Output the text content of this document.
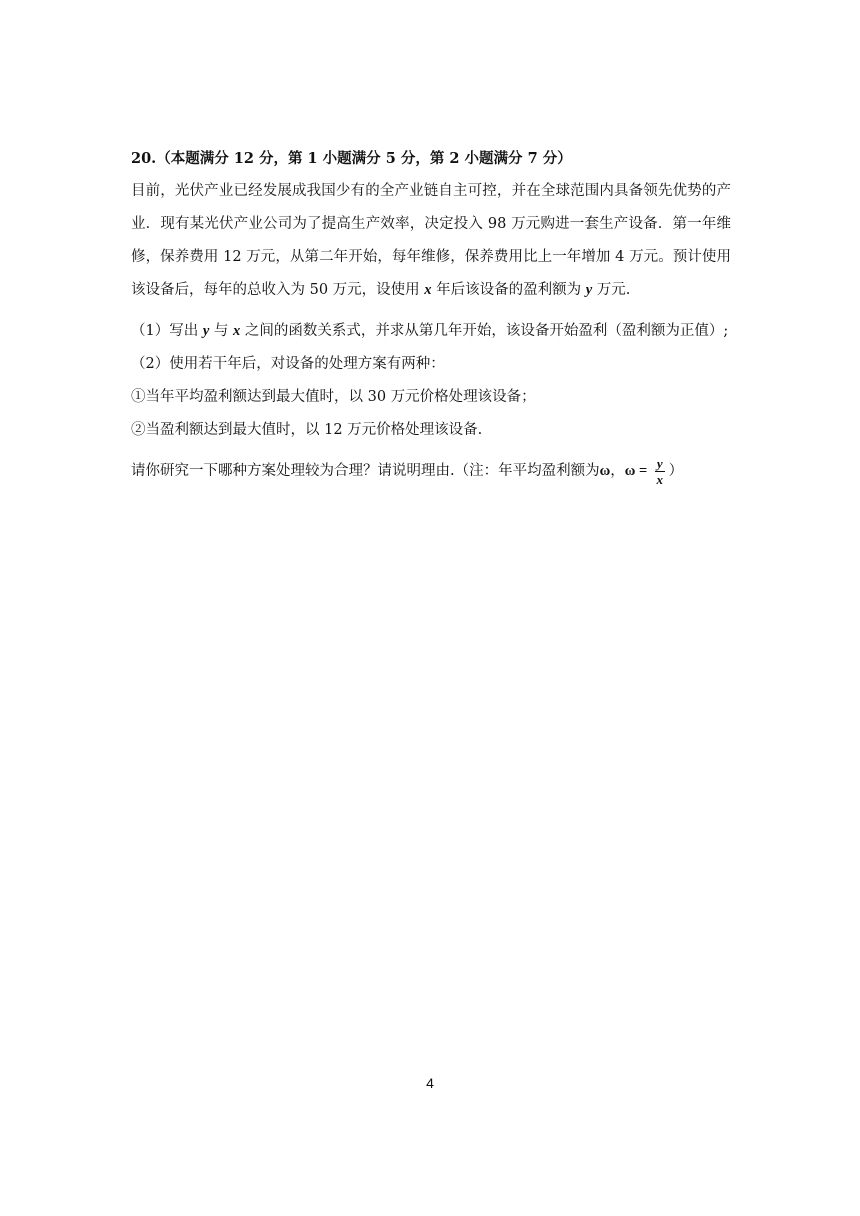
20.（本题满分 12 分，第 1 小题满分 5 分，第 2 小题满分 7 分）
目前，光伏产业已经发展成我国少有的全产业链自主可控，并在全球范围内具备领先优势的产业．现有某光伏产业公司为了提高生产效率，决定投入 98 万元购进一套生产设备．第一年维修，保养费用 12 万元，从第二年开始，每年维修，保养费用比上一年增加 4 万元。预计使用该设备后，每年的总收入为 50 万元，设使用 x 年后该设备的盈利额为 y 万元.
（1）写出 y 与 x 之间的函数关系式，并求从第几年开始，该设备开始盈利（盈利额为正值）;
（2）使用若干年后，对设备的处理方案有两种：
①当年平均盈利额达到最大值时，以 30 万元价格处理该设备；
②当盈利额达到最大值时，以 12 万元价格处理该设备.
请你研究一下哪种方案处理较为合理？请说明理由.（注：年平均盈利额为ω，$\omega = \frac{y}{x}$ ）
4
